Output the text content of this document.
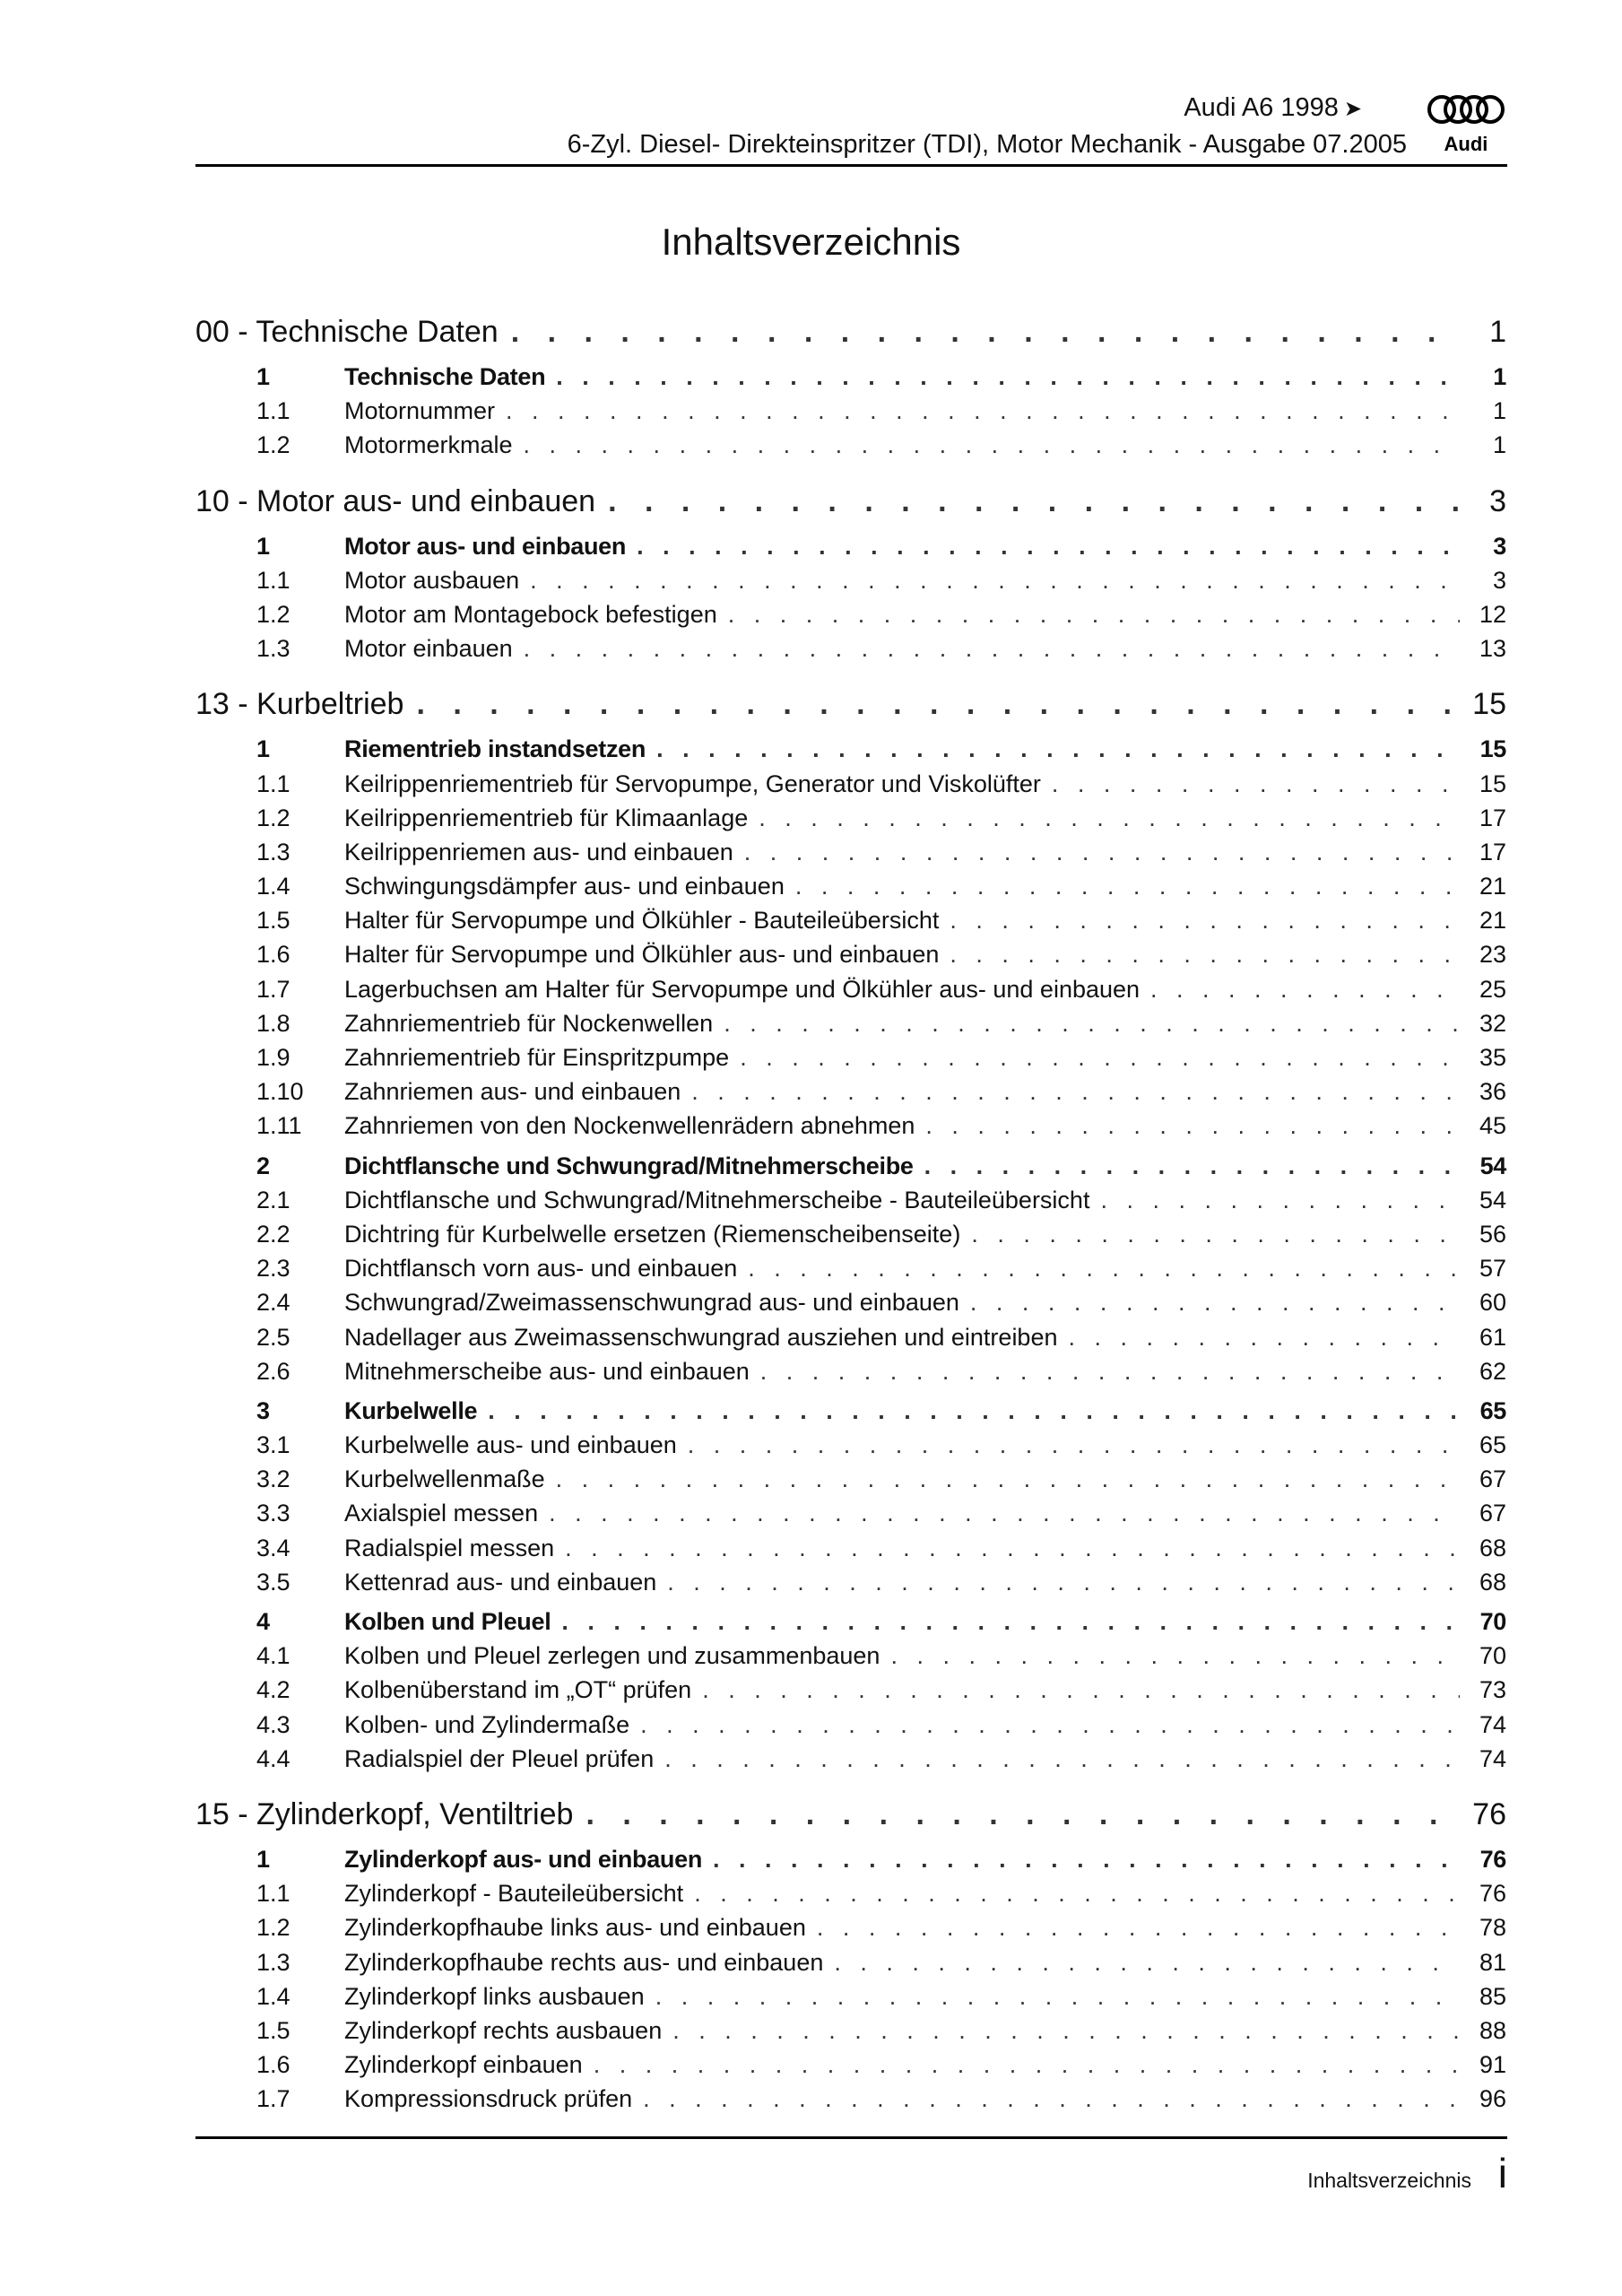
Audi A6 1998 ➤
6-Zyl. Diesel- Direkteinspritzer (TDI), Motor Mechanik - Ausgabe 07.2005 Audi
Inhaltsverzeichnis
00 - Technische Daten . . .	1
1	Technische Daten . . .	1
1.1	Motornummer . . .	1
1.2	Motormerkmale . . .	1
10 - Motor aus- und einbauen . . .	3
1	Motor aus- und einbauen . . .	3
1.1	Motor ausbauen . . .	3
1.2	Motor am Montagebock befestigen . . .	12
1.3	Motor einbauen . . .	13
13 - Kurbeltrieb . . .	15
1	Riementrieb instandsetzen . . .	15
1.1	Keilrippenriementrieb für Servopumpe, Generator und Viskolüfter . . .	15
1.2	Keilrippenriementrieb für Klimaanlage . . .	17
1.3	Keilrippenriemen aus- und einbauen . . .	17
1.4	Schwingungsdämpfer aus- und einbauen . . .	21
1.5	Halter für Servopumpe und Ölkühler - Bauteileübersicht . . .	21
1.6	Halter für Servopumpe und Ölkühler aus- und einbauen . . .	23
1.7	Lagerbuchsen am Halter für Servopumpe und Ölkühler aus- und einbauen . . .	25
1.8	Zahnriementrieb für Nockenwellen . . .	32
1.9	Zahnriementrieb für Einspritzpumpe . . .	35
1.10	Zahnriemen aus- und einbauen . . .	36
1.11	Zahnriemen von den Nockenwellenrädern abnehmen . . .	45
2	Dichtflansche und Schwungrad/Mitnehmerscheibe . . .	54
2.1	Dichtflansche und Schwungrad/Mitnehmerscheibe - Bauteileübersicht . . .	54
2.2	Dichtring für Kurbelwelle ersetzen (Riemenscheibenseite) . . .	56
2.3	Dichtflansch vorn aus- und einbauen . . .	57
2.4	Schwungrad/Zweimassenschwungrad aus- und einbauen . . .	60
2.5	Nadellager aus Zweimassenschwungrad ausziehen und eintreiben . . .	61
2.6	Mitnehmerscheibe aus- und einbauen . . .	62
3	Kurbelwelle . . .	65
3.1	Kurbelwelle aus- und einbauen . . .	65
3.2	Kurbelwellenmaße . . .	67
3.3	Axialspiel messen . . .	67
3.4	Radialspiel messen . . .	68
3.5	Kettenrad aus- und einbauen . . .	68
4	Kolben und Pleuel . . .	70
4.1	Kolben und Pleuel zerlegen und zusammenbauen . . .	70
4.2	Kolbenüberstand im „OT“ prüfen . . .	73
4.3	Kolben- und Zylindermaße . . .	74
4.4	Radialspiel der Pleuel prüfen . . .	74
15 - Zylinderkopf, Ventiltrieb . . .	76
1	Zylinderkopf aus- und einbauen . . .	76
1.1	Zylinderkopf - Bauteileübersicht . . .	76
1.2	Zylinderkopfhaube links aus- und einbauen . . .	78
1.3	Zylinderkopfhaube rechts aus- und einbauen . . .	81
1.4	Zylinderkopf links ausbauen . . .	85
1.5	Zylinderkopf rechts ausbauen . . .	88
1.6	Zylinderkopf einbauen . . .	91
1.7	Kompressionsdruck prüfen . . .	96
Inhaltsverzeichnis i
